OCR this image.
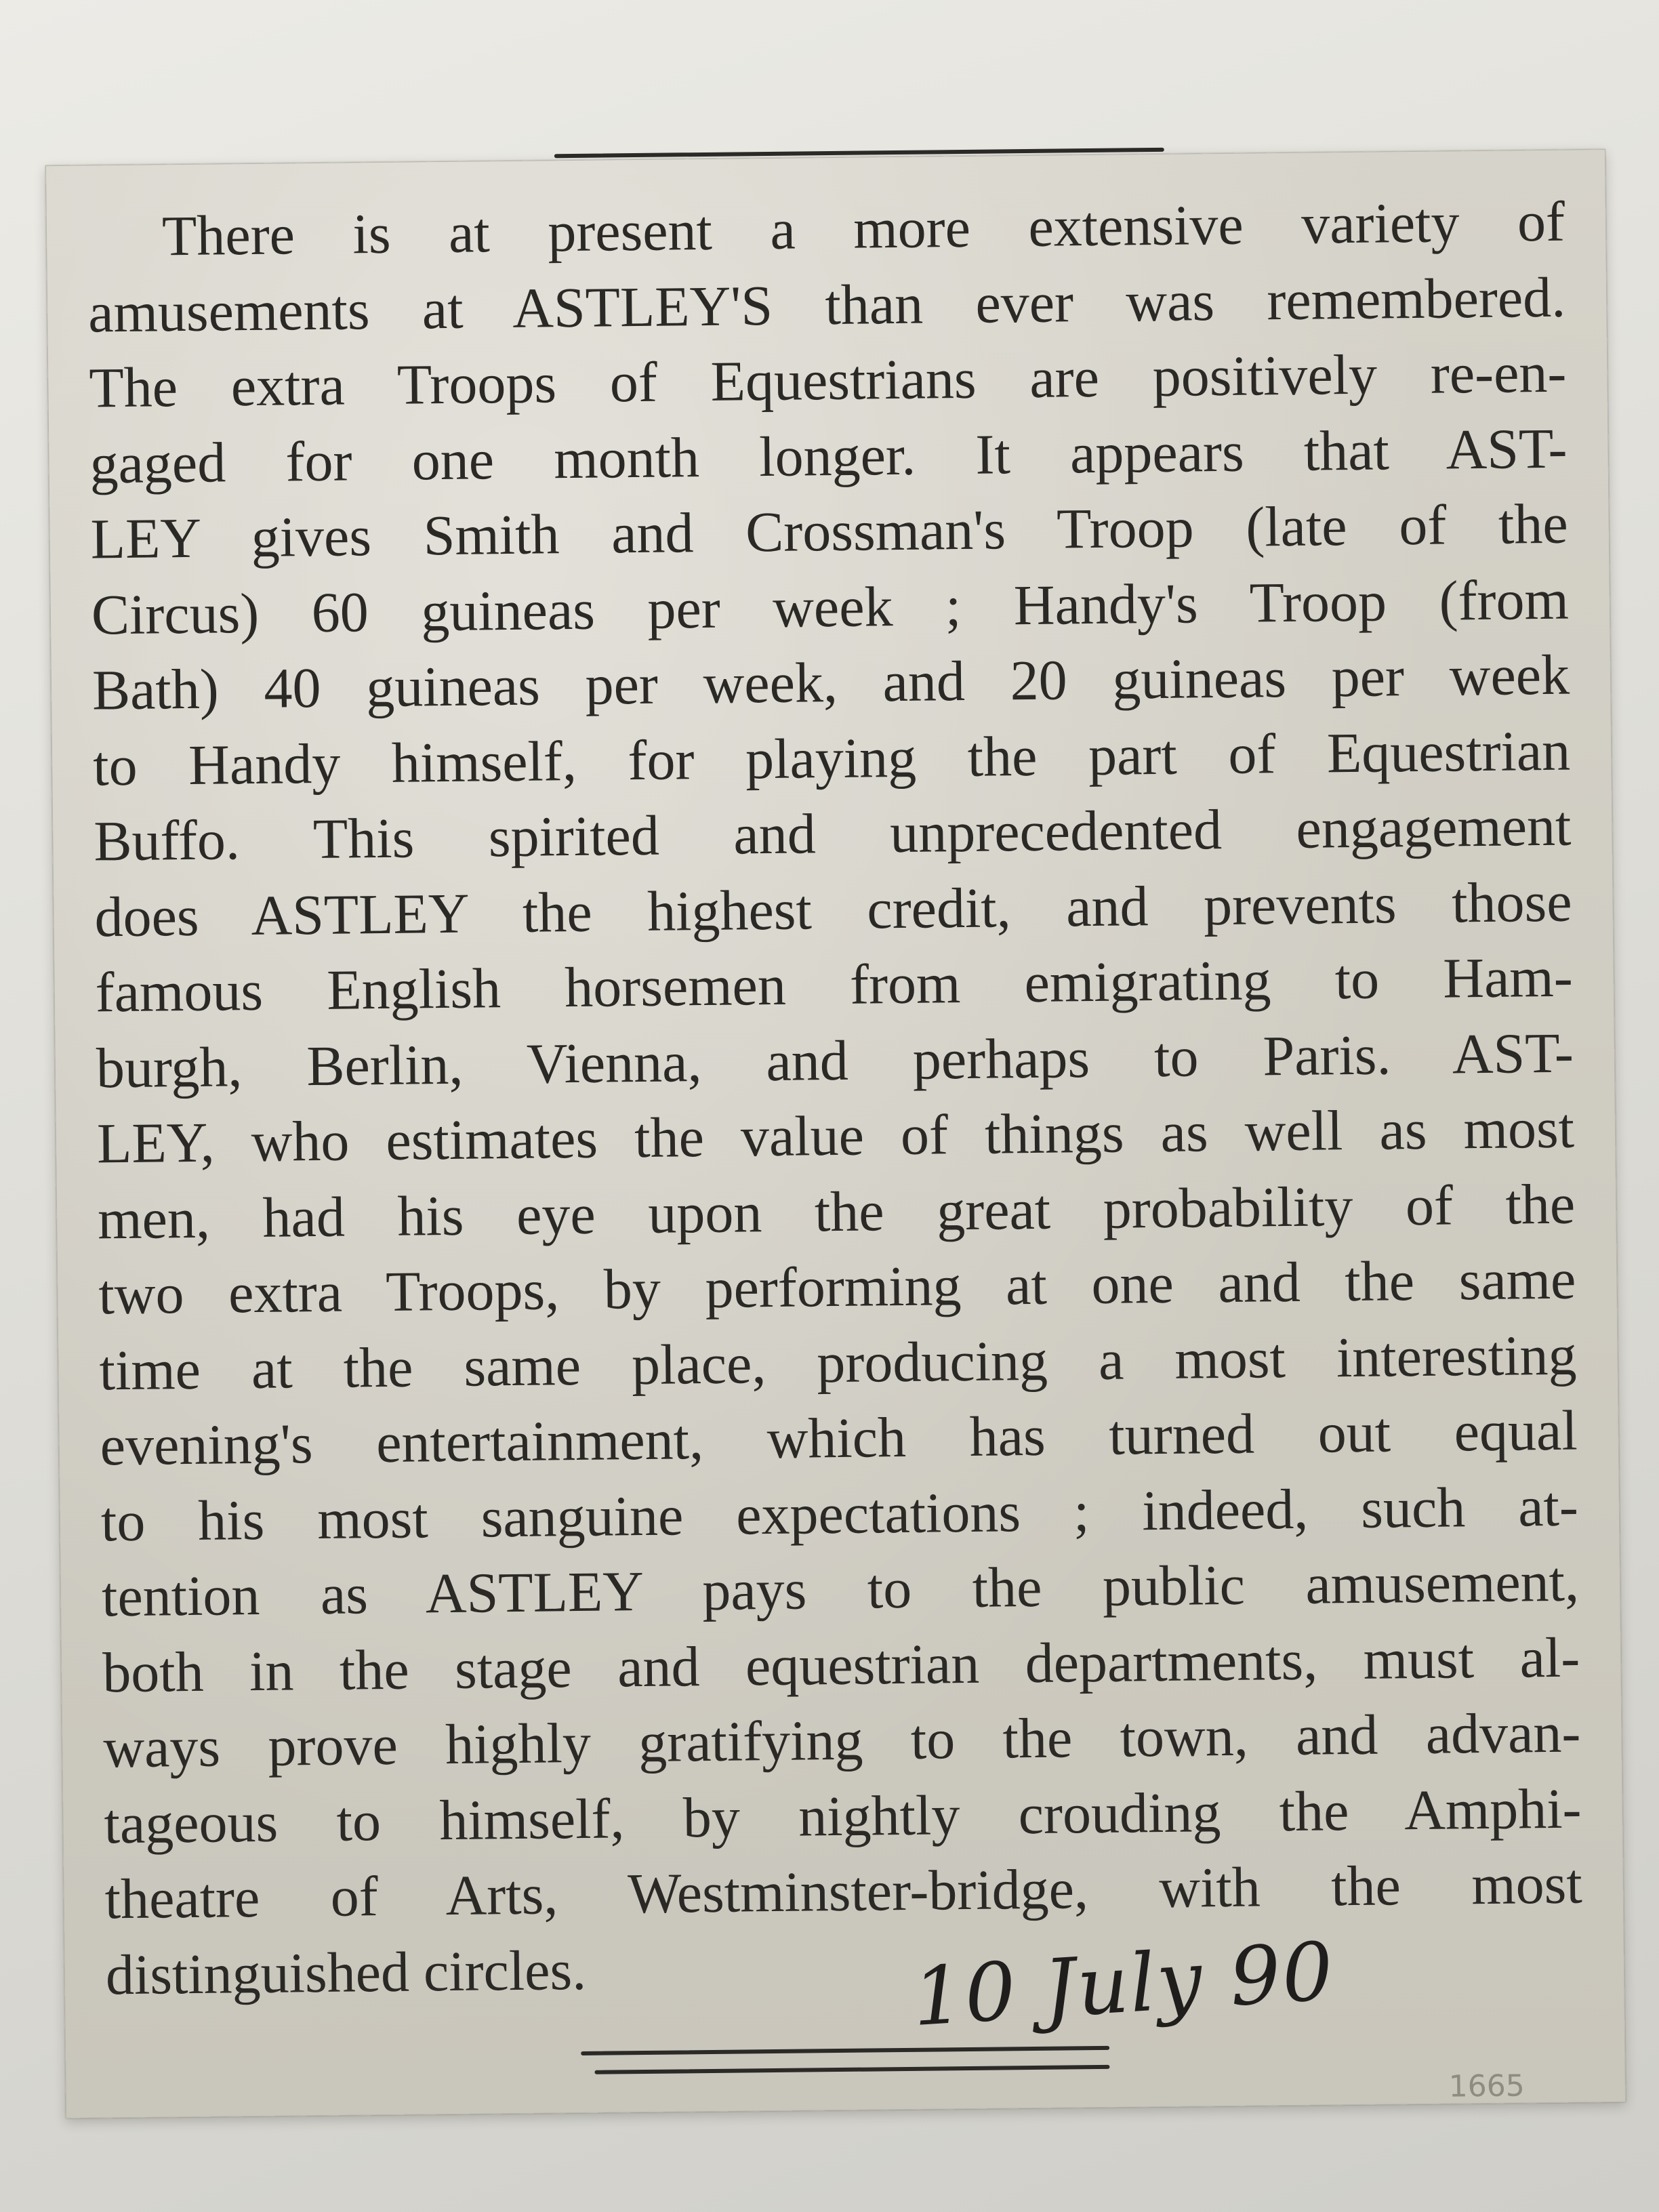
There is at present a more extensive variety of
amusements at ASTLEY'S than ever was remembered.
The extra Troops of Equestrians are positively re-en-
gaged for one month longer. It appears that AST-
LEY gives Smith and Crossman's Troop (late of the
Circus) 60 guineas per week ; Handy's Troop (from
Bath) 40 guineas per week, and 20 guineas per week
to Handy himself, for playing the part of Equestrian
Buffo. This spirited and unprecedented engagement
does ASTLEY the highest credit, and prevents those
famous English horsemen from emigrating to Ham-
burgh, Berlin, Vienna, and perhaps to Paris. AST-
LEY, who estimates the value of things as well as most
men, had his eye upon the great probability of the
two extra Troops, by performing at one and the same
time at the same place, producing a most interesting
evening's entertainment, which has turned out equal
to his most sanguine expectations ; indeed, such at-
tention as ASTLEY pays to the public amusement,
both in the stage and equestrian departments, must al-
ways prove highly gratifying to the town, and advan-
tageous to himself, by nightly crouding the Amphi-
theatre of Arts, Westminster-bridge, with the most
distinguished circles.	10 July 90
1665
